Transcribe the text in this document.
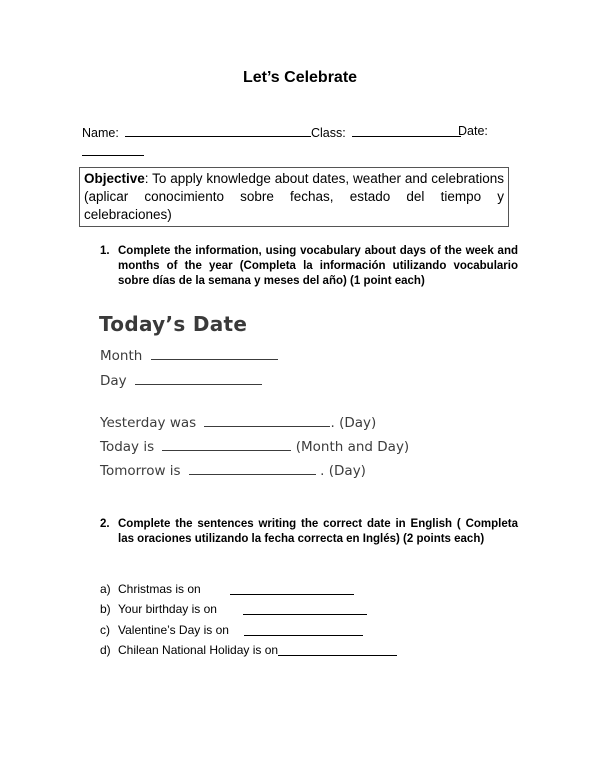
Let’s Celebrate
Name:	Class:	Date:
Objective: To apply knowledge about dates, weather and celebrations (aplicar conocimiento sobre fechas, estado del tiempo y celebraciones)
1. Complete the information, using vocabulary about days of the week and months of the year (Completa la información utilizando vocabulario sobre días de la semana y meses del año) (1 point each)
Today’s Date
Month
Day
Yesterday was	. (Day)
Today is	(Month and Day)
Tomorrow is	. (Day)
2. Complete the sentences writing the correct date in English ( Completa las oraciones utilizando la fecha correcta en Inglés) (2 points each)
a) Christmas is on
b) Your birthday is on
c) Valentine’s Day is on
d) Chilean National Holiday is on
